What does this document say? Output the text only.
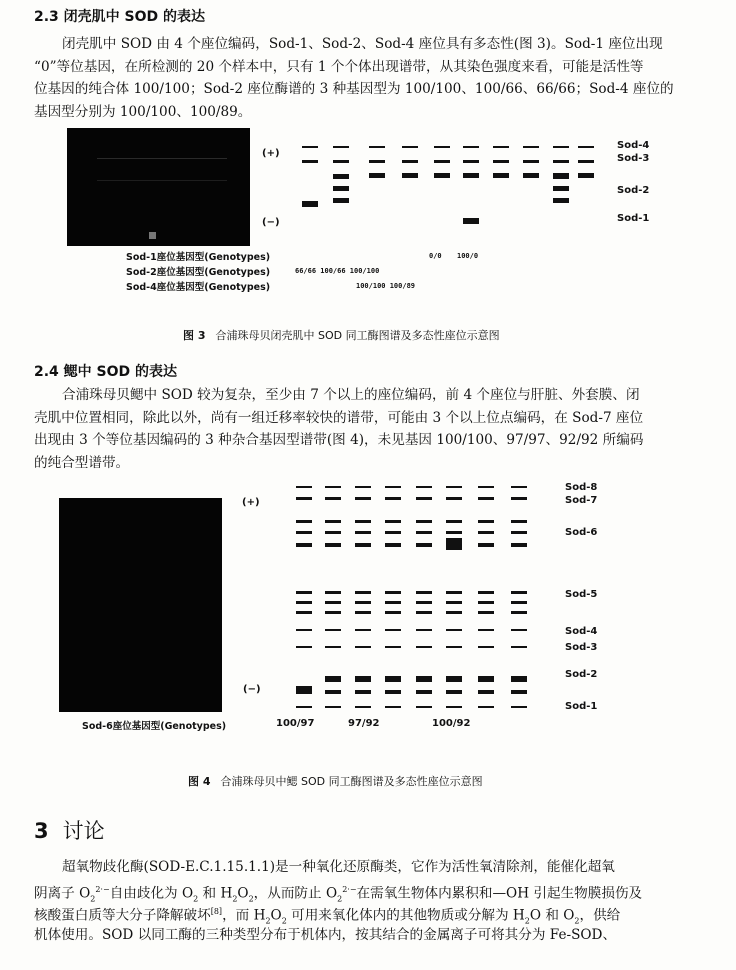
2.3 闭壳肌中 SOD 的表达
闭壳肌中 SOD 由 4 个座位编码，Sod-1、Sod-2、Sod-4 座位具有多态性(图 3)。Sod-1 座位出现
“0”等位基因，在所检测的 20 个样本中，只有 1 个个体出现谱带，从其染色强度来看，可能是活性等
位基因的纯合体 100/100；Sod-2 座位酶谱的 3 种基因型为 100/100、100/66、66/66；Sod-4 座位的
基因型分别为 100/100、100/89。
(+)
(−)
Sod-4
Sod-3
Sod-2
Sod-1
Sod-1座位基因型(Genotypes)
Sod-2座位基因型(Genotypes)
Sod-4座位基因型(Genotypes)
0/0 100/0
66/66 100/66 100/100
100/100 100/89
图 3 合浦珠母贝闭壳肌中 SOD 同工酶图谱及多态性座位示意图
2.4 鳃中 SOD 的表达
合浦珠母贝鳃中 SOD 较为复杂，至少由 7 个以上的座位编码，前 4 个座位与肝脏、外套膜、闭
壳肌中位置相同，除此以外，尚有一组迁移率较快的谱带，可能由 3 个以上位点编码，在 Sod-7 座位
出现由 3 个等位基因编码的 3 种杂合基因型谱带(图 4)，未见基因 100/100、97/97、92/92 所编码
的纯合型谱带。
(+)
(−)
Sod-8
Sod-7
Sod-6
Sod-5
Sod-4
Sod-3
Sod-2
Sod-1
Sod-6座位基因型(Genotypes)	100/97	97/92	100/92
图 4 合浦珠母贝中鳃 SOD 同工酶图谱及多态性座位示意图
3 讨论
超氧物歧化酶(SOD-E.C.1.15.1.1)是一种氧化还原酶类，它作为活性氧清除剂，能催化超氧
阴离子 $O_2^{2\cdot-}$自由歧化为 $O_2$ 和 $H_2O_2$，从而防止 $O_2^{2\cdot-}$在需氧生物体内累积和—OH 引起生物膜损伤及
核酸蛋白质等大分子降解破坏[8]，而 $H_2O_2$ 可用来氧化体内的其他物质或分解为 $H_2O$ 和 $O_2$，供给
机体使用。SOD 以同工酶的三种类型分布于机体内，按其结合的金属离子可将其分为 Fe-SOD、
